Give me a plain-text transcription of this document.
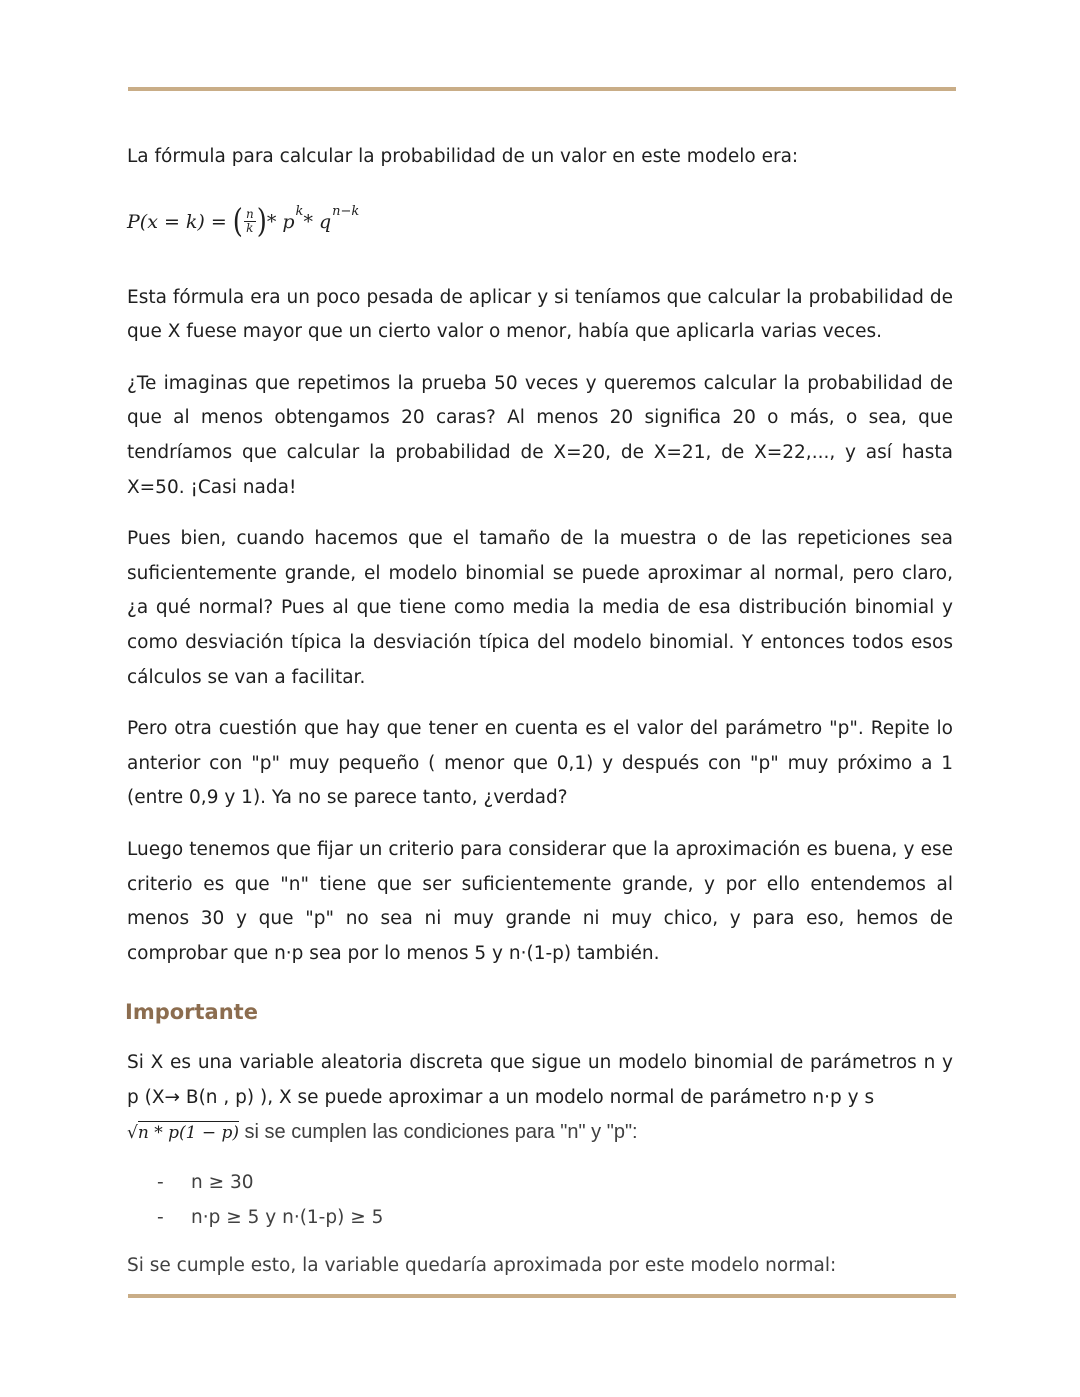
La fórmula para calcular la probabilidad de un valor en este modelo era:

P(x = k) = ( $\frac{n}{k}$ ) * p k * q n−k

Esta fórmula era un poco pesada de aplicar y si teníamos que calcular la probabilidad de que X fuese mayor que un cierto valor o menor, había que aplicarla varias veces.

¿Te imaginas que repetimos la prueba 50 veces y queremos calcular la probabilidad de que al menos obtengamos 20 caras? Al menos 20 significa 20 o más, o sea, que tendríamos que calcular la probabilidad de X=20, de X=21, de X=22,..., y así hasta X=50. ¡Casi nada!

Pues bien, cuando hacemos que el tamaño de la muestra o de las repeticiones sea suficientemente grande, el modelo binomial se puede aproximar al normal, pero claro, ¿a qué normal? Pues al que tiene como media la media de esa distribución binomial y como desviación típica la desviación típica del modelo binomial. Y entonces todos esos cálculos se van a facilitar.

Pero otra cuestión que hay que tener en cuenta es el valor del parámetro "p". Repite lo anterior con "p" muy pequeño ( menor que 0,1) y después con "p" muy próximo a 1 (entre 0,9 y 1). Ya no se parece tanto, ¿verdad?

Luego tenemos que fijar un criterio para considerar que la aproximación es buena, y ese criterio es que "n" tiene que ser suficientemente grande, y por ello entendemos al menos 30 y que "p" no sea ni muy grande ni muy chico, y para eso, hemos de comprobar que n·p sea por lo menos 5 y n·(1-p) también.

Importante

Si X es una variable aleatoria discreta que sigue un modelo binomial de parámetros n y p (X→ B(n , p) ), X se puede aproximar a un modelo normal de parámetro n·p y s
√n * p(1 − p) si se cumplen las condiciones para "n" y "p":

- n ≥ 30
- n·p ≥ 5 y n·(1-p) ≥ 5

Si se cumple esto, la variable quedaría aproximada por este modelo normal:
